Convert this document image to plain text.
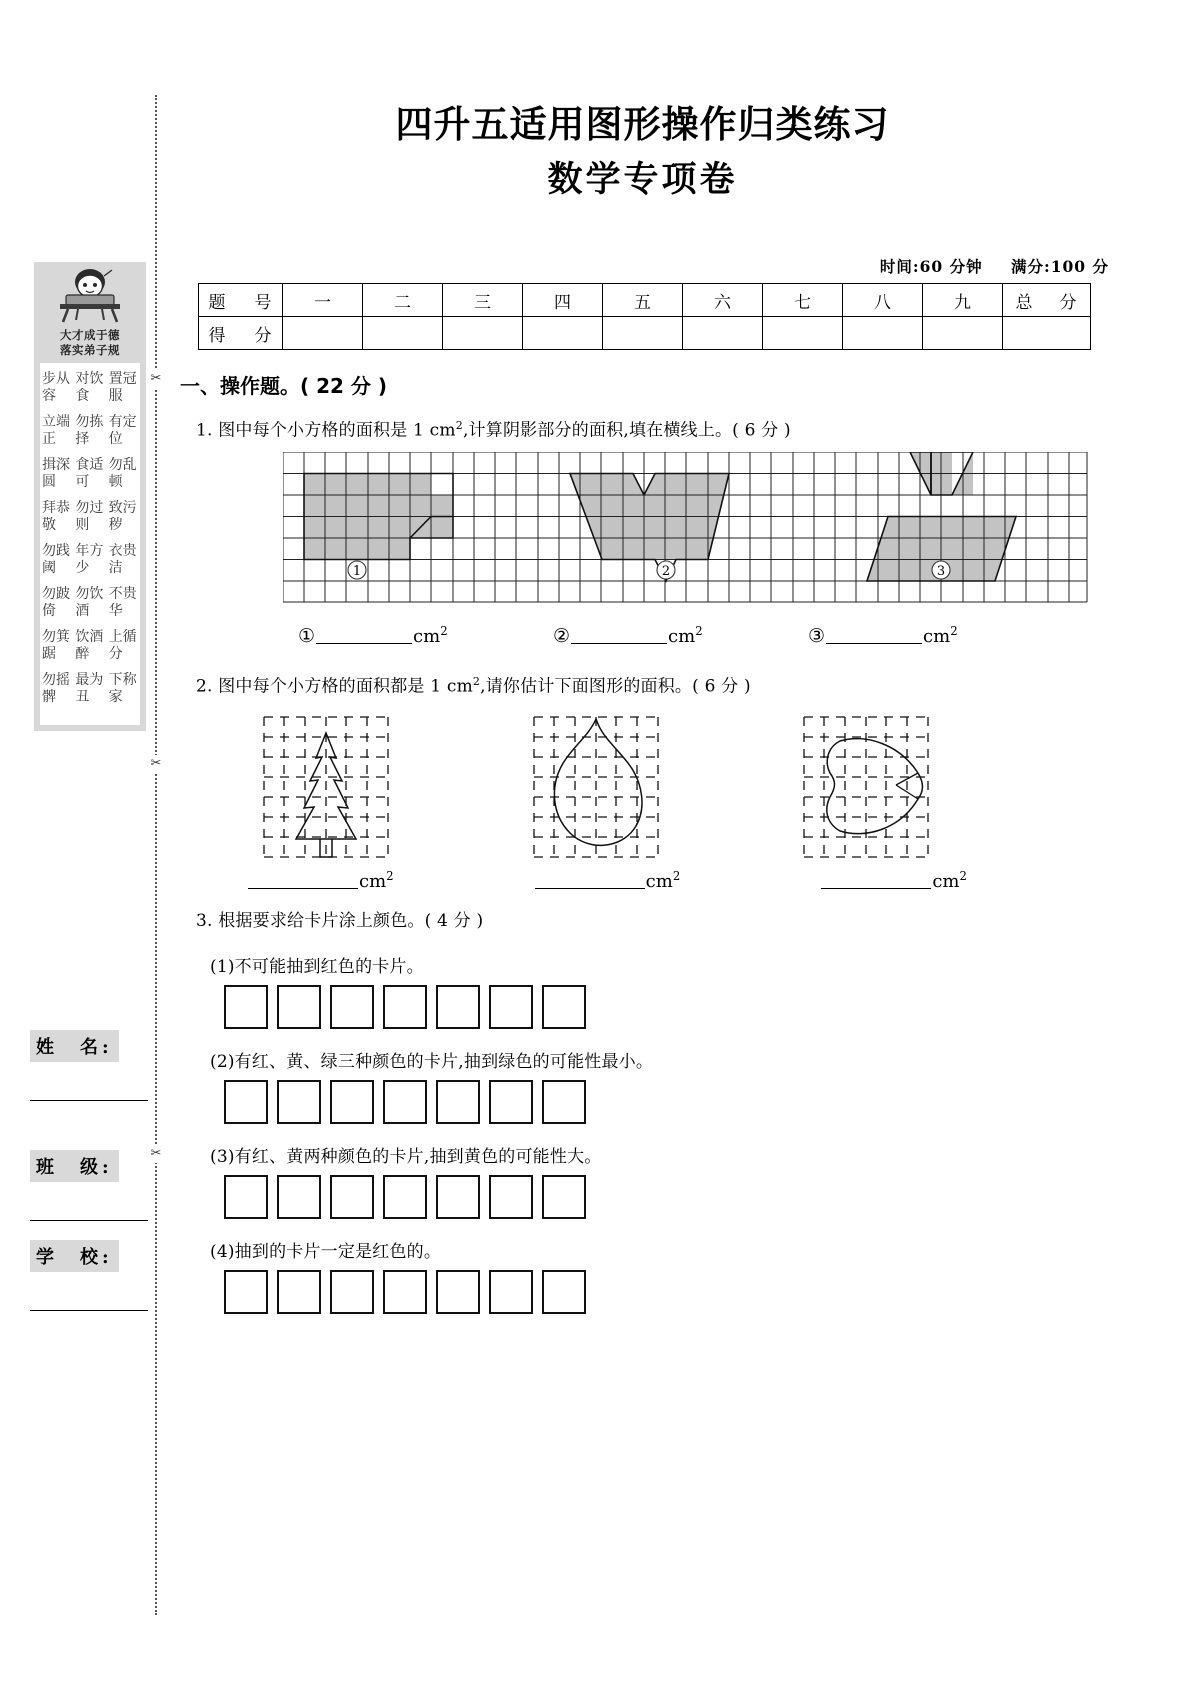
✂
✂
✂
四升五适用图形操作归类练习
数学专项卷
时间:60 分钟 满分:100 分
题　号	一	二	三	四	五	六	七	八	九	总　分
得　分										
大才成于德
落实弟子规
置冠服
有定位
勿乱顿
致污秽
衣贵洁
不贵华
上循分
下称家
对饮食
勿拣择
食适可
勿过则
年方少
勿饮酒
饮酒醉
最为丑
步从容
立端正
揖深圆
拜恭敬
勿践阈
勿跛倚
勿箕踞
勿摇髀
姓　名:
班　级:
学　校:
一、操作题。( 22 分 )
1. 图中每个小方格的面积是 1 $cm^2$,计算阴影部分的面积,填在横线上。( 6 分 )
1	2	3
①	$cm^2$	②	$cm^2$	③	$cm^2$
2. 图中每个小方格的面积都是 1 $cm^2$,请你估计下面图形的面积。( 6 分 )
$cm^2$	$cm^2$	$cm^2$
3. 根据要求给卡片涂上颜色。( 4 分 )
(1)不可能抽到红色的卡片。
(2)有红、黄、绿三种颜色的卡片,抽到绿色的可能性最小。
(3)有红、黄两种颜色的卡片,抽到黄色的可能性大。
(4)抽到的卡片一定是红色的。
